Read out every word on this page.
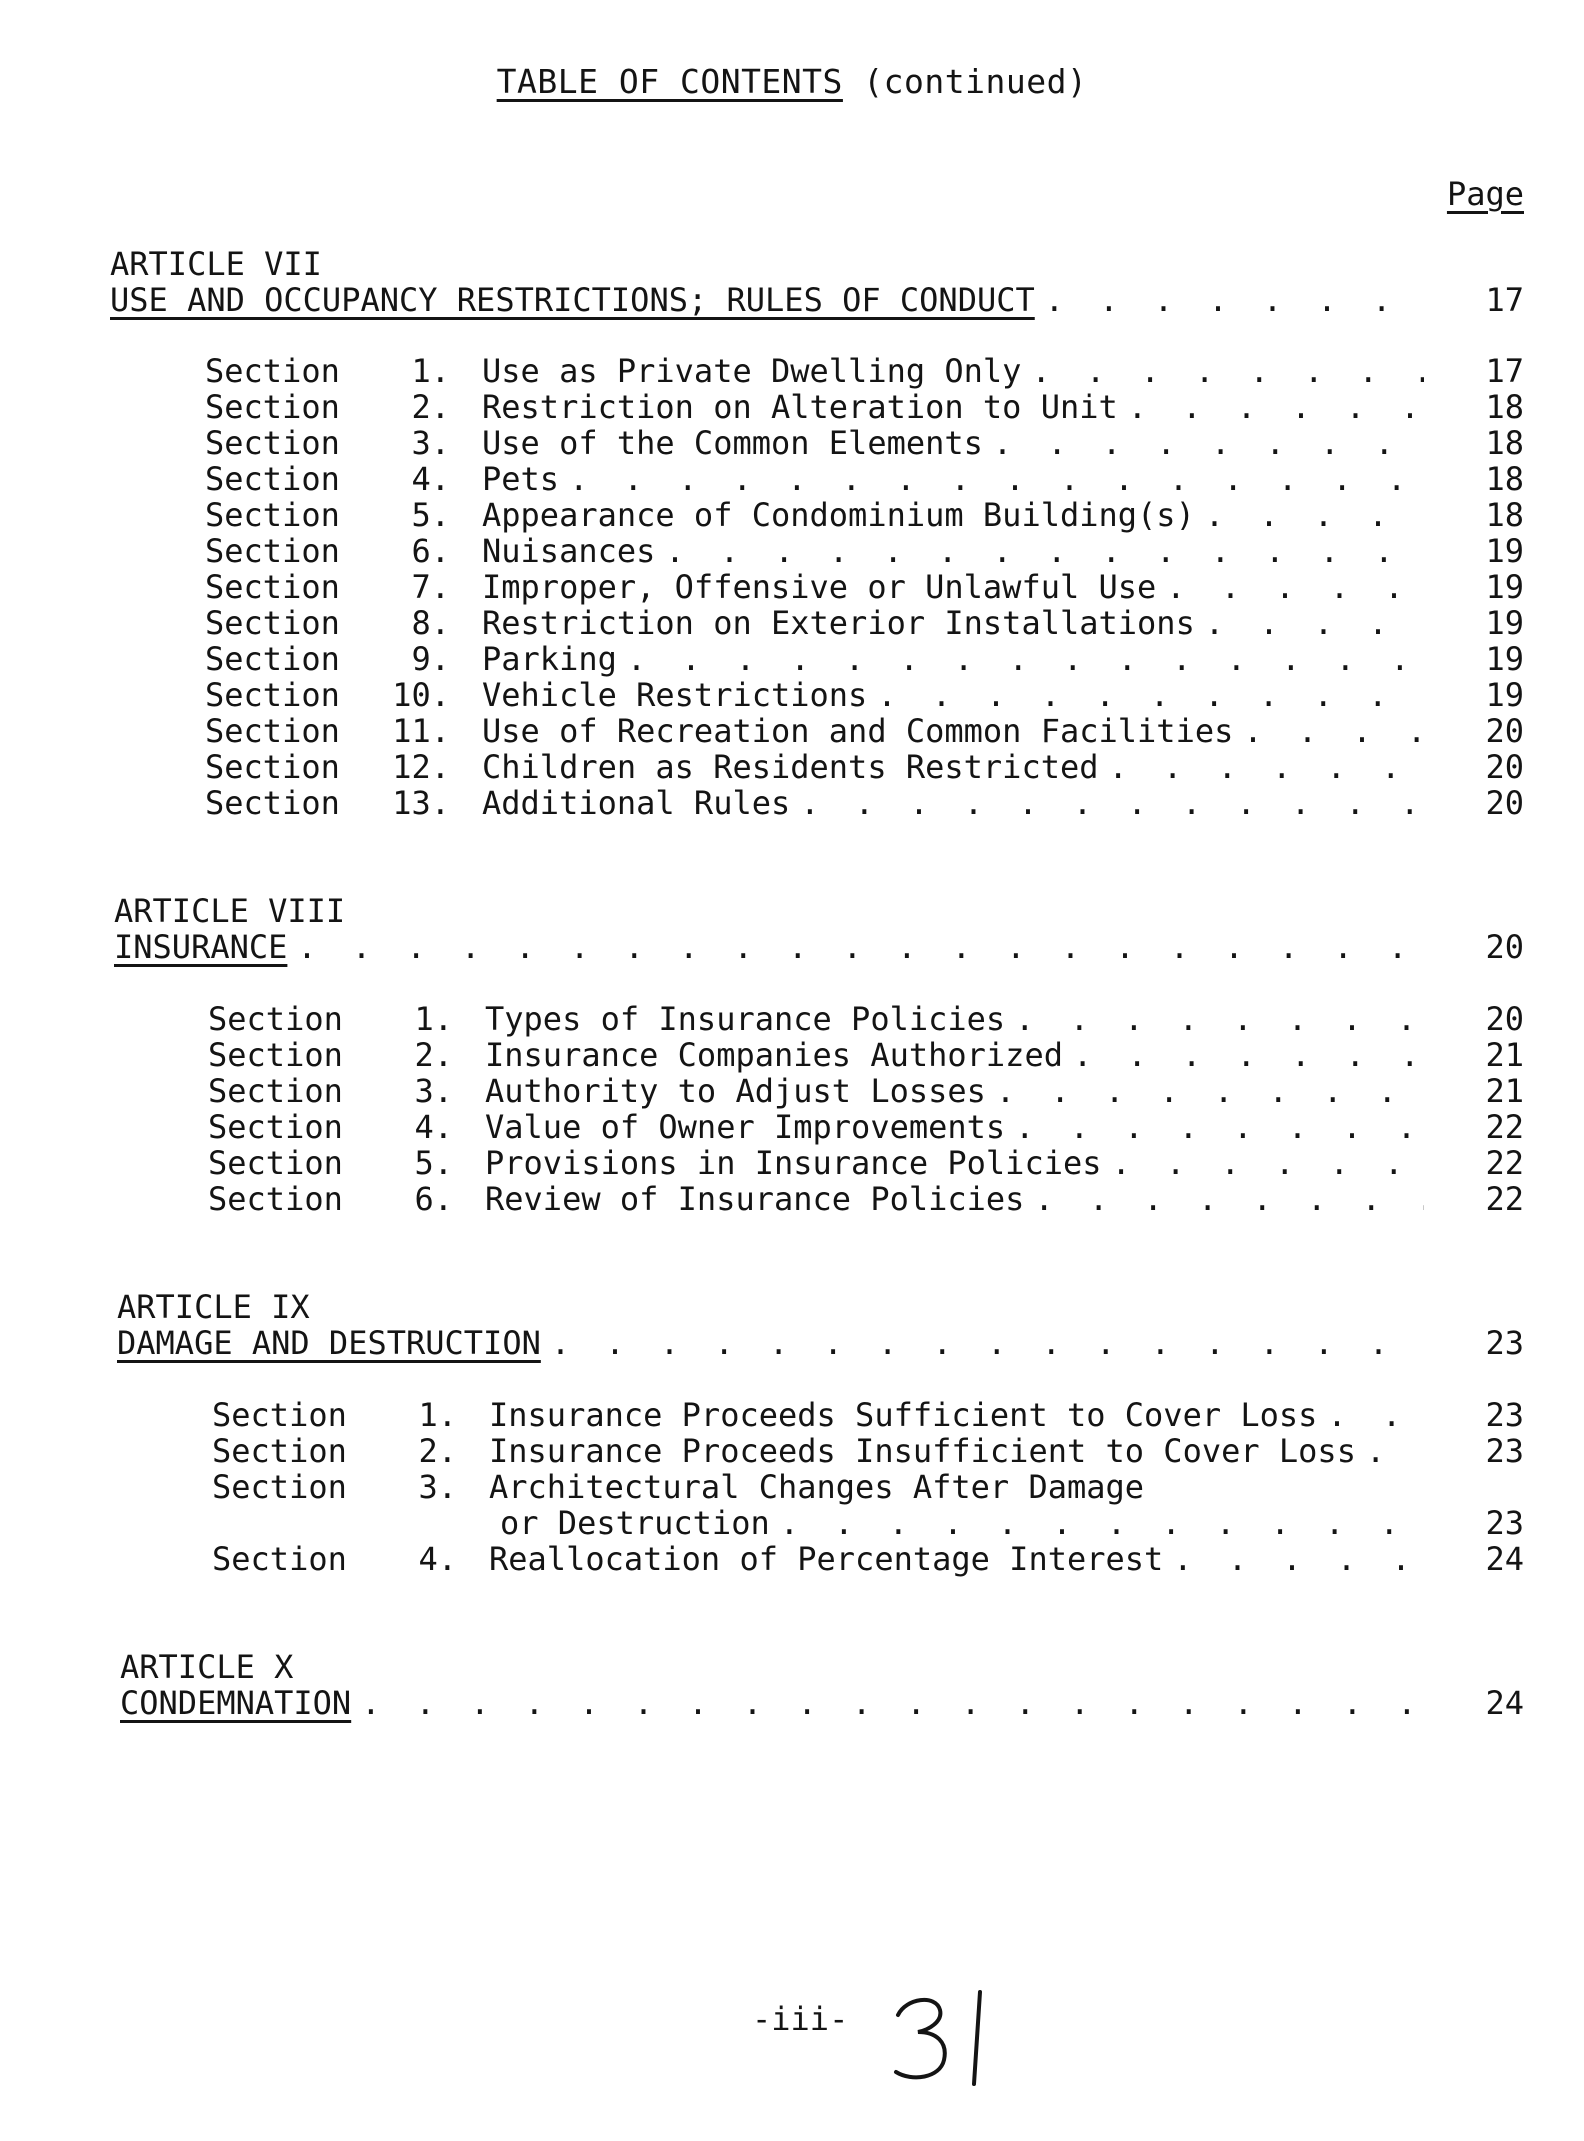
TABLE OF CONTENTS (continued)
Page
ARTICLE VII
USE AND OCCUPANCY RESTRICTIONS; RULES OF CONDUCT . . .	17
Section	1. Use as Private Dwelling Only . . .	17
Section	2. Restriction on Alteration to Unit . . .	18
Section	3. Use of the Common Elements . . .	18
Section	4. Pets . . .	18
Section	5. Appearance of Condominium Building(s) . . .	18
Section	6. Nuisances . . .	19
Section	7. Improper, Offensive or Unlawful Use . . .	19
Section	8. Restriction on Exterior Installations . . .	19
Section	9. Parking . . .	19
Section	10. Vehicle Restrictions . . .	19
Section	11. Use of Recreation and Common Facilities . . .	20
Section	12. Children as Residents Restricted . . .	20
Section	13. Additional Rules . . .	20
ARTICLE VIII
INSURANCE . . .	20
Section	1. Types of Insurance Policies . . .	20
Section	2. Insurance Companies Authorized . . .	21
Section	3. Authority to Adjust Losses . . .	21
Section	4. Value of Owner Improvements . . .	22
Section	5. Provisions in Insurance Policies . . .	22
Section	6. Review of Insurance Policies . . .	22
ARTICLE IX
DAMAGE AND DESTRUCTION . . .	23
Section	1. Insurance Proceeds Sufficient to Cover Loss . . .	23
Section	2. Insurance Proceeds Insufficient to Cover Loss . . .	23
Section	3. Architectural Changes After Damage
or Destruction . . .	23
Section	4. Reallocation of Percentage Interest . . .	24
ARTICLE X
CONDEMNATION . . .	24
-iii-
